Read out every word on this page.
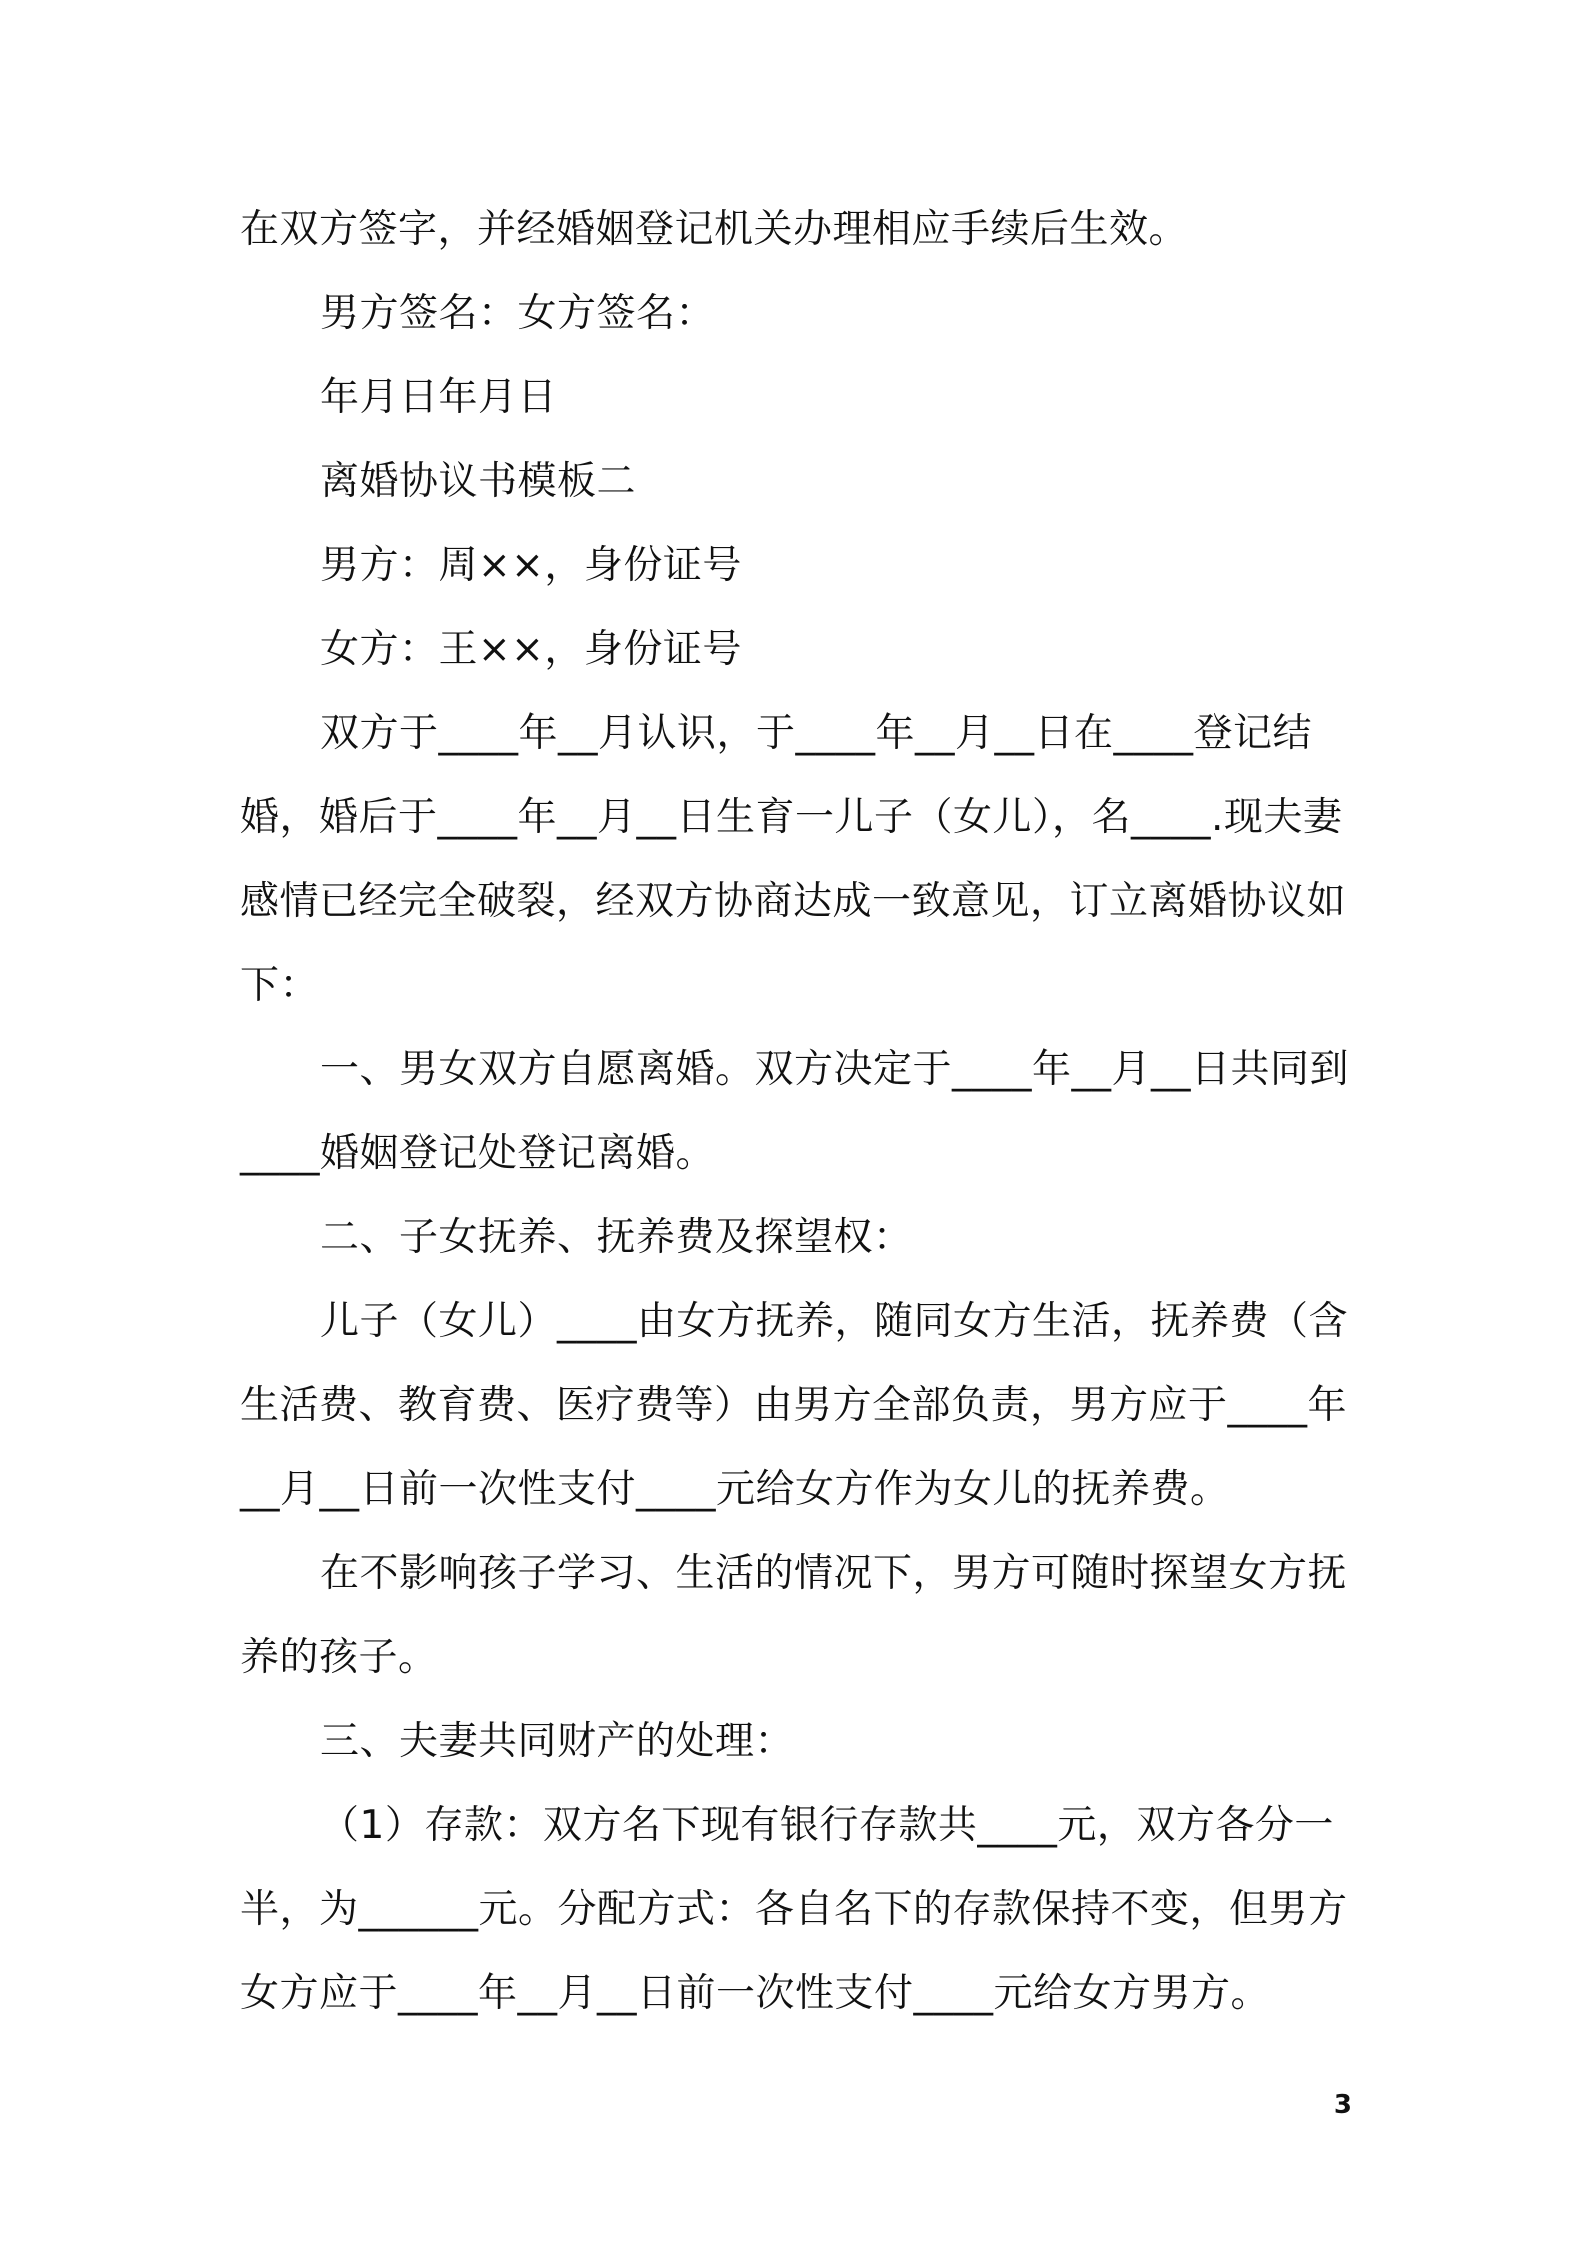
在双方签字，并经婚姻登记机关办理相应手续后生效。

男方签名：女方签名：

年月日年月日

离婚协议书模板二

男方：周××，身份证号

女方：王××，身份证号

双方于____年__月认识，于____年__月__日在____登记结婚，婚后于____年__月__日生育一儿子（女儿），名____.现夫妻感情已经完全破裂，经双方协商达成一致意见，订立离婚协议如下：

一、男女双方自愿离婚。双方决定于____年__月__日共同到____婚姻登记处登记离婚。

二、子女抚养、抚养费及探望权：

儿子（女儿）____由女方抚养，随同女方生活，抚养费（含生活费、教育费、医疗费等）由男方全部负责，男方应于____年__月__日前一次性支付____元给女方作为女儿的抚养费。

在不影响孩子学习、生活的情况下，男方可随时探望女方抚养的孩子。

三、夫妻共同财产的处理：

（1）存款：双方名下现有银行存款共____元，双方各分一半，为______元。分配方式：各自名下的存款保持不变，但男方女方应于____年__月__日前一次性支付____元给女方男方。

3
